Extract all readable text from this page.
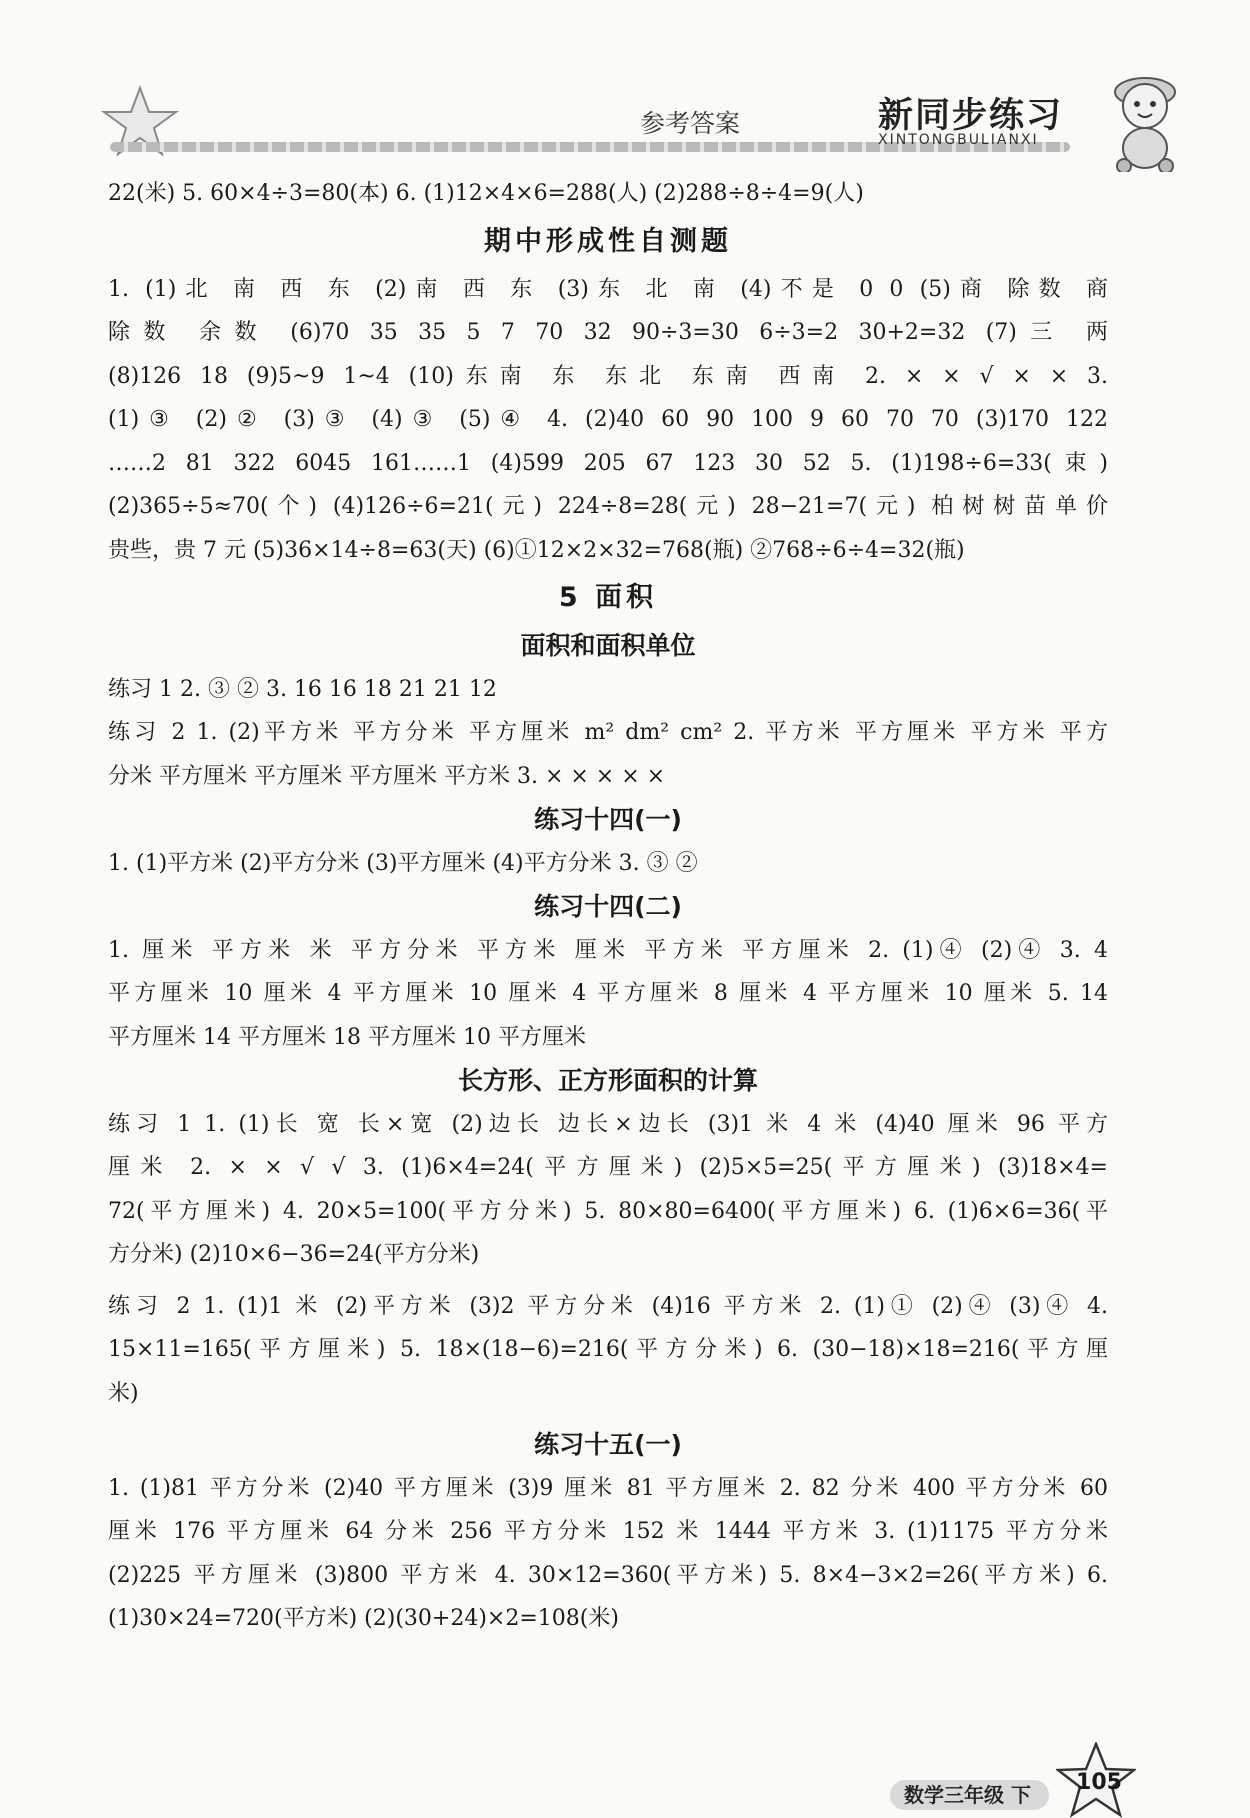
参考答案	新同步练习
XINTONGBULIANXI

22(米) 5. 60×4÷3=80(本) 6. (1)12×4×6=288(人) (2)288÷8÷4=9(人)

期中形成性自测题

1. (1)北 南 西 东 (2)南 西 东 (3)东 北 南 (4)不是 0 0 (5)商 除数 商

除数 余数 (6)70 35 35 5 7 70 32 90÷3=30 6÷3=2 30+2=32 (7)三 两

(8)126 18 (9)5~9 1~4 (10)东南 东 东北 东南 西南 2. × × √ × × 3.

(1)③ (2)② (3)③ (4)③ (5)④ 4. (2)40 60 90 100 9 60 70 70 (3)170 122

……2 81 322 6045 161……1 (4)599 205 67 123 30 52 5. (1)198÷6=33(束)

(2)365÷5≈70(个) (4)126÷6=21(元) 224÷8=28(元) 28−21=7(元) 柏树树苗单价

贵些，贵 7 元 (5)36×14÷8=63(天) (6)①12×2×32=768(瓶) ②768÷6÷4=32(瓶)

5 面积

面积和面积单位

练习 1 2. ③ ② 3. 16 16 18 21 21 12

练习 2 1. (2)平方米 平方分米 平方厘米 m² dm² cm² 2. 平方米 平方厘米 平方米 平方

分米 平方厘米 平方厘米 平方厘米 平方米 3. × × × × ×

练习十四(一)

1. (1)平方米 (2)平方分米 (3)平方厘米 (4)平方分米 3. ③ ②

练习十四(二)

1. 厘米 平方米 米 平方分米 平方米 厘米 平方米 平方厘米 2. (1)④ (2)④ 3. 4

平方厘米 10 厘米 4 平方厘米 10 厘米 4 平方厘米 8 厘米 4 平方厘米 10 厘米 5. 14

平方厘米 14 平方厘米 18 平方厘米 10 平方厘米

长方形、正方形面积的计算

练习 1 1. (1)长 宽 长×宽 (2)边长 边长×边长 (3)1 米 4 米 (4)40 厘米 96 平方

厘米 2. × × √ √ 3. (1)6×4=24(平方厘米) (2)5×5=25(平方厘米) (3)18×4=

72(平方厘米) 4. 20×5=100(平方分米) 5. 80×80=6400(平方厘米) 6. (1)6×6=36(平

方分米) (2)10×6−36=24(平方分米)

练习 2 1. (1)1 米 (2)平方米 (3)2 平方分米 (4)16 平方米 2. (1)① (2)④ (3)④ 4.

15×11=165(平方厘米) 5. 18×(18−6)=216(平方分米) 6. (30−18)×18=216(平方厘

米)

练习十五(一)

1. (1)81 平方分米 (2)40 平方厘米 (3)9 厘米 81 平方厘米 2. 82 分米 400 平方分米 60

厘米 176 平方厘米 64 分米 256 平方分米 152 米 1444 平方米 3. (1)1175 平方分米

(2)225 平方厘米 (3)800 平方米 4. 30×12=360(平方米) 5. 8×4−3×2=26(平方米) 6.

(1)30×24=720(平方米) (2)(30+24)×2=108(米)

数学三年级 下	105
